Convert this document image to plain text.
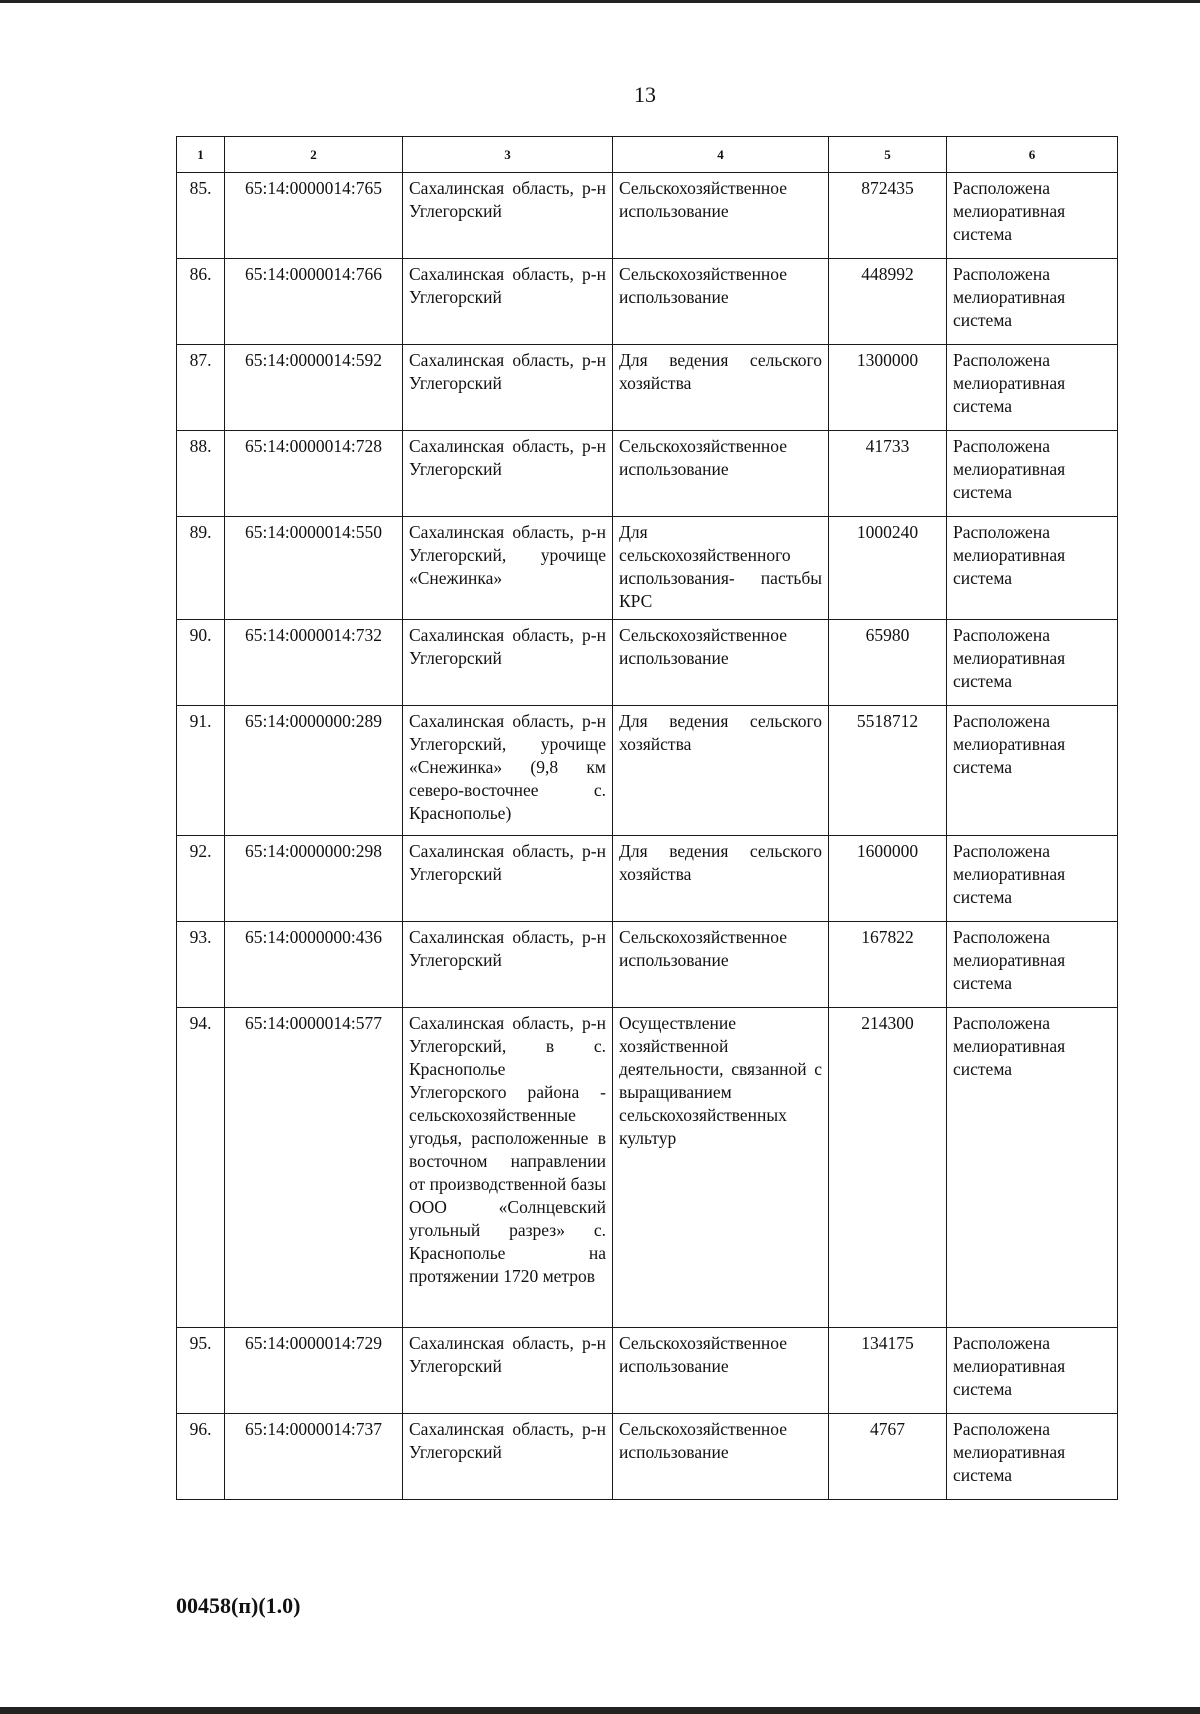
13
1	2	3	4	5	6
85.	65:14:0000014:765	Сахалинская область, р-н Углегорский	Сельскохозяйственное использование	872435	Расположена мелиоративная система
86.	65:14:0000014:766	Сахалинская область, р-н Углегорский	Сельскохозяйственное использование	448992	Расположена мелиоративная система
87.	65:14:0000014:592	Сахалинская область, р-н Углегорский	Для ведения сельского хозяйства	1300000	Расположена мелиоративная система
88.	65:14:0000014:728	Сахалинская область, р-н Углегорский	Сельскохозяйственное использование	41733	Расположена мелиоративная система
89.	65:14:0000014:550	Сахалинская область, р-н Углегорский, урочище «Снежинка»	Для сельскохозяйственного использования- пастьбы КРС	1000240	Расположена мелиоративная система
90.	65:14:0000014:732	Сахалинская область, р-н Углегорский	Сельскохозяйственное использование	65980	Расположена мелиоративная система
91.	65:14:0000000:289	Сахалинская область, р-н Углегорский, урочище «Снежинка» (9,8 км северо-восточнее с. Краснополье)	Для ведения сельского хозяйства	5518712	Расположена мелиоративная система
92.	65:14:0000000:298	Сахалинская область, р-н Углегорский	Для ведения сельского хозяйства	1600000	Расположена мелиоративная система
93.	65:14:0000000:436	Сахалинская область, р-н Углегорский	Сельскохозяйственное использование	167822	Расположена мелиоративная система
94.	65:14:0000014:577	Сахалинская область, р-н Углегорский, в с. Краснополье Углегорского района - сельскохозяйственные угодья, расположенные в восточном направлении от производственной базы ООО «Солнцевский угольный разрез» с. Краснополье на протяжении 1720 метров	Осуществление хозяйственной деятельности, связанной с выращиванием сельскохозяйственных культур	214300	Расположена мелиоративная система
95.	65:14:0000014:729	Сахалинская область, р-н Углегорский	Сельскохозяйственное использование	134175	Расположена мелиоративная система
96.	65:14:0000014:737	Сахалинская область, р-н Углегорский	Сельскохозяйственное использование	4767	Расположена мелиоративная система
00458(п)(1.0)
